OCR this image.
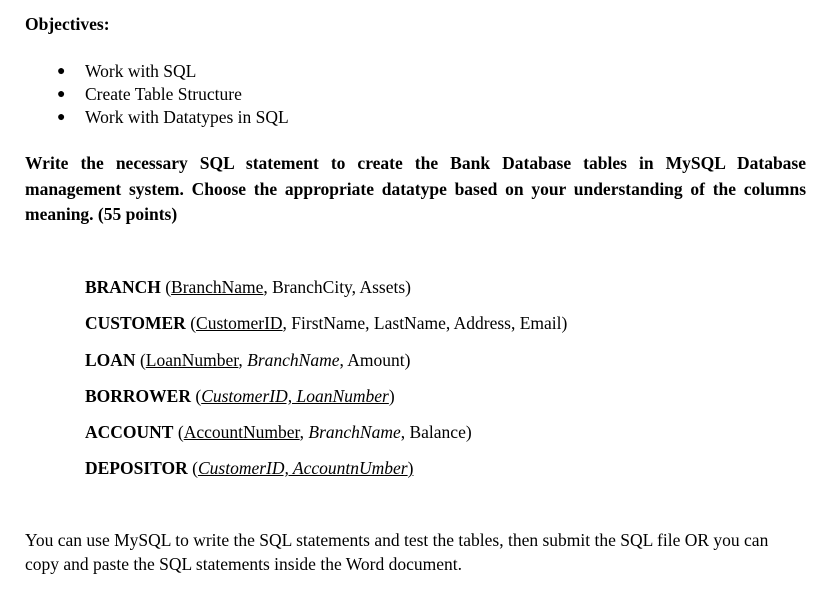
Objectives:

● Work with SQL
● Create Table Structure
● Work with Datatypes in SQL

Write the necessary SQL statement to create the Bank Database tables in MySQL Database management system. Choose the appropriate datatype based on your understanding of the columns meaning. (55 points)

BRANCH (BranchName, BranchCity, Assets)
CUSTOMER (CustomerID, FirstName, LastName, Address, Email)
LOAN (LoanNumber, BranchName, Amount)
BORROWER (CustomerID, LoanNumber)
ACCOUNT (AccountNumber, BranchName, Balance)
DEPOSITOR (CustomerID, AccountnUmber)

You can use MySQL to write the SQL statements and test the tables, then submit the SQL file OR you can copy and paste the SQL statements inside the Word document.
